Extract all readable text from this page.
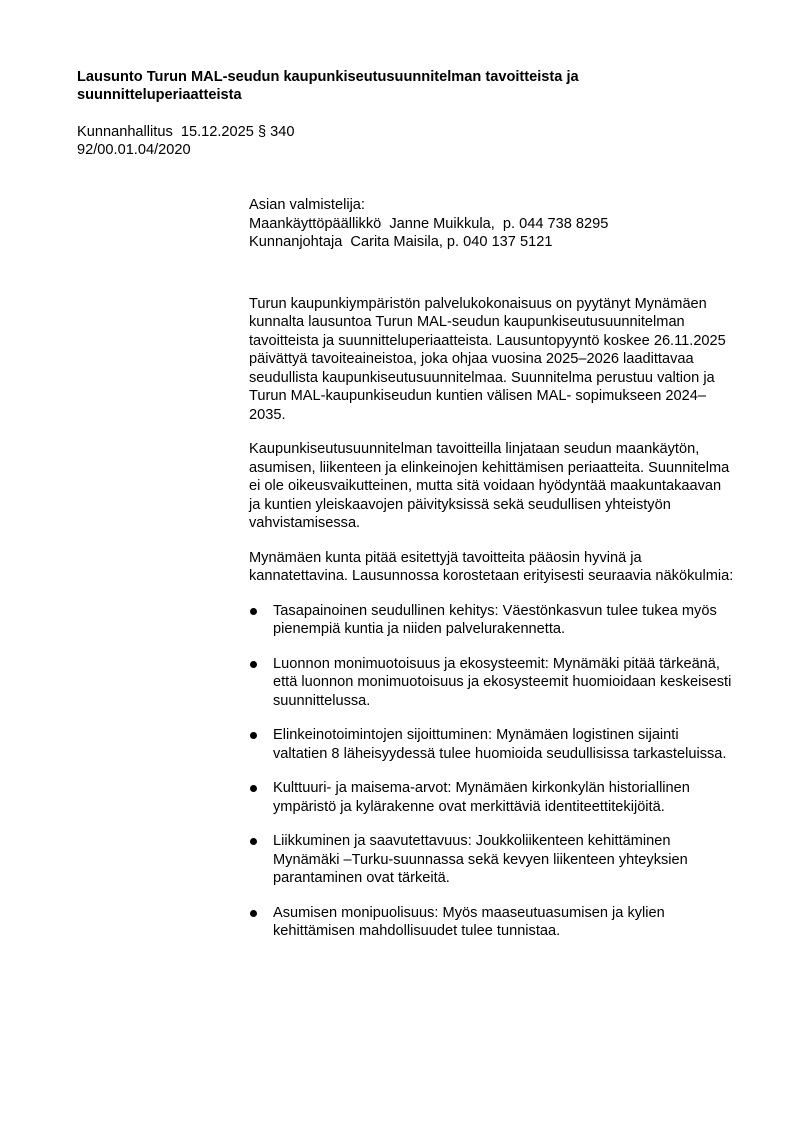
Lausunto Turun MAL-seudun kaupunkiseutusuunnitelman tavoitteista ja suunnitteluperiaatteista
Kunnanhallitus  15.12.2025 § 340
92/00.01.04/2020
Asian valmistelija:
Maankäyttöpäällikkö  Janne Muikkula,  p. 044 738 8295
Kunnanjohtaja  Carita Maisila, p. 040 137 5121

Turun kaupunkiympäristön palvelukokonaisuus on pyytänyt Mynämäen kunnalta lausuntoa Turun MAL-seudun kaupunkiseutusuunnitelman tavoitteista ja suunnitteluperiaatteista. Lausuntopyyntö koskee 26.11.2025 päivättyä tavoiteaineistoa, joka ohjaa vuosina 2025–2026 laadittavaa seudullista kaupunkiseutusuunnitelmaa. Suunnitelma perustuu valtion ja Turun MAL-kaupunkiseudun kuntien välisen MAL- sopimukseen 2024–2035.

Kaupunkiseutusuunnitelman tavoitteilla linjataan seudun maankäytön, asumisen, liikenteen ja elinkeinojen kehittämisen periaatteita. Suunnitelma ei ole oikeusvaikutteinen, mutta sitä voidaan hyödyntää maakuntakaavan ja kuntien yleiskaavojen päivityksissä sekä seudullisen yhteistyön vahvistamisessa.

Mynämäen kunta pitää esitettyjä tavoitteita pääosin hyvinä ja kannatettavina. Lausunnossa korostetaan erityisesti seuraavia näkökulmia:

Tasapainoinen seudullinen kehitys: Väestönkasvun tulee tukea myös pienempiä kuntia ja niiden palvelurakennetta.
Luonnon monimuotoisuus ja ekosysteemit: Mynämäki pitää tärkeänä, että luonnon monimuotoisuus ja ekosysteemit huomioidaan keskeisesti suunnittelussa.
Elinkeinotoimintojen sijoittuminen: Mynämäen logistinen sijainti valtatien 8 läheisyydessä tulee huomioida seudullisissa tarkasteluissa.
Kulttuuri- ja maisema-arvot: Mynämäen kirkonkylän historiallinen ympäristö ja kylärakenne ovat merkittäviä identiteettitekijöitä.
Liikkuminen ja saavutettavuus: Joukkoliikenteen kehittäminen Mynämäki –Turku-suunnassa sekä kevyen liikenteen yhteyksien parantaminen ovat tärkeitä.
Asumisen monipuolisuus: Myös maaseutuasumisen ja kylien kehittämisen mahdollisuudet tulee tunnistaa.
